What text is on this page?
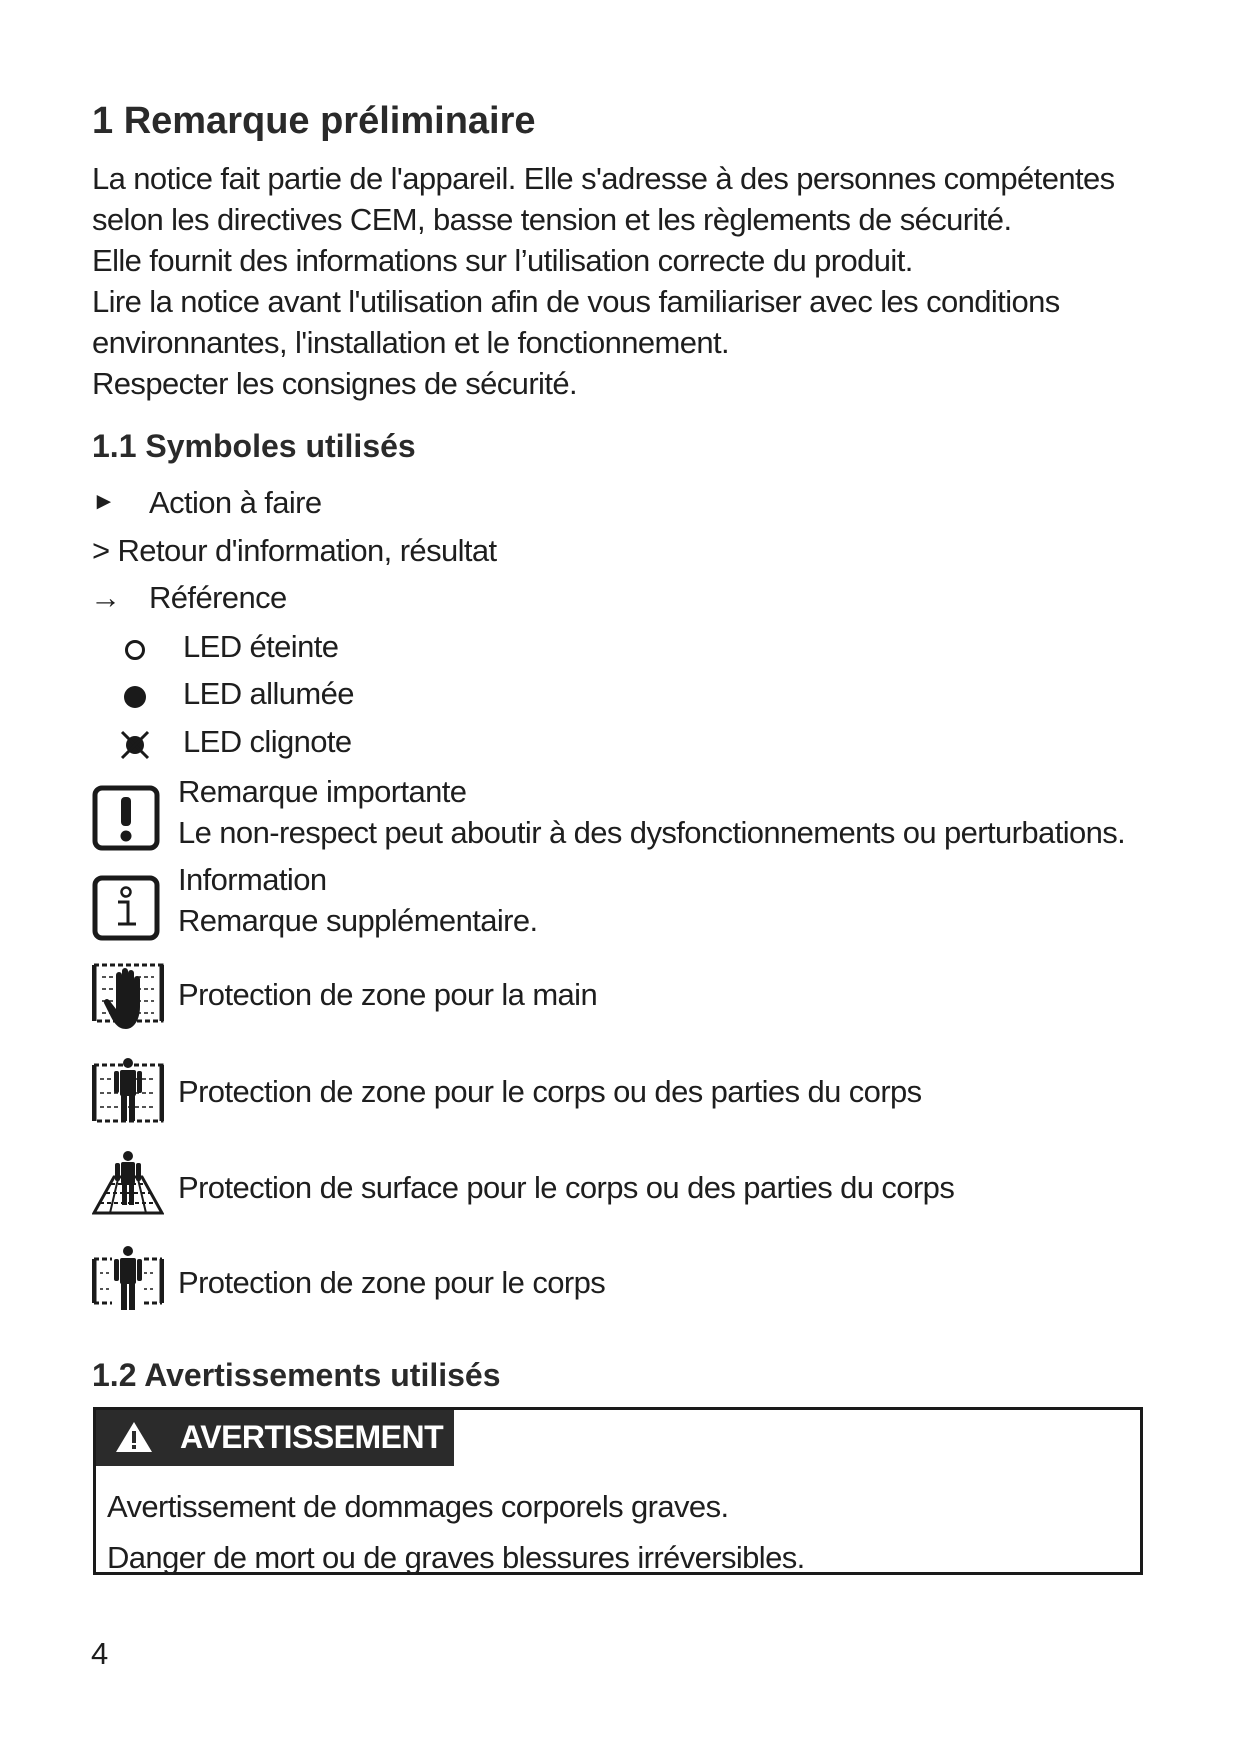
1 Remarque préliminaire
La notice fait partie de l'appareil. Elle s'adresse à des personnes compétentes
selon les directives CEM, basse tension et les règlements de sécurité.
Elle fournit des informations sur l’utilisation correcte du produit.
Lire la notice avant l'utilisation afin de vous familiariser avec les conditions
environnantes, l'installation et le fonctionnement.
Respecter les consignes de sécurité.
1.1 Symboles utilisés
► Action à faire
> Retour d'information, résultat
→ Référence
LED éteinte
LED allumée
LED clignote
Remarque importante
Le non-respect peut aboutir à des dysfonctionnements ou perturbations.
Information
Remarque supplémentaire.
Protection de zone pour la main
Protection de zone pour le corps ou des parties du corps
Protection de surface pour le corps ou des parties du corps
Protection de zone pour le corps
1.2 Avertissements utilisés
AVERTISSEMENT
Avertissement de dommages corporels graves.
Danger de mort ou de graves blessures irréversibles.
4
